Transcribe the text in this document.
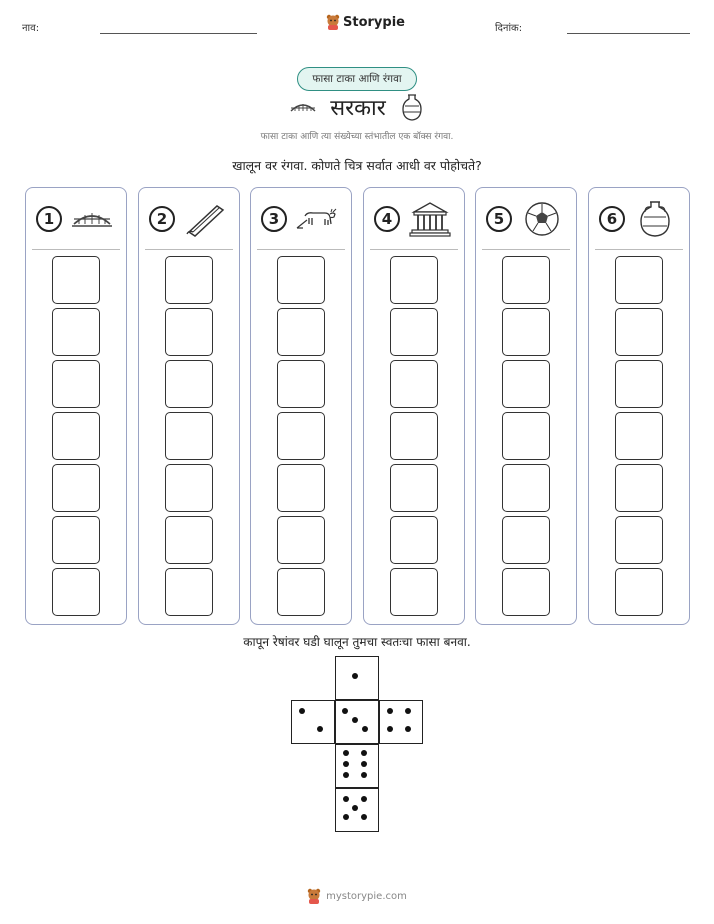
नाव:	Storypie	दिनांक:
फासा टाका आणि रंगवा
सरकार
फासा टाका आणि त्या संख्येच्या स्तंभातील एक बॉक्स रंगवा.
खालून वर रंगवा. कोणते चित्र सर्वात आधी वर पोहोचते?
1	2	3	4	5	6
कापून रेषांवर घडी घालून तुमचा स्वतःचा फासा बनवा.
mystorypie.com
